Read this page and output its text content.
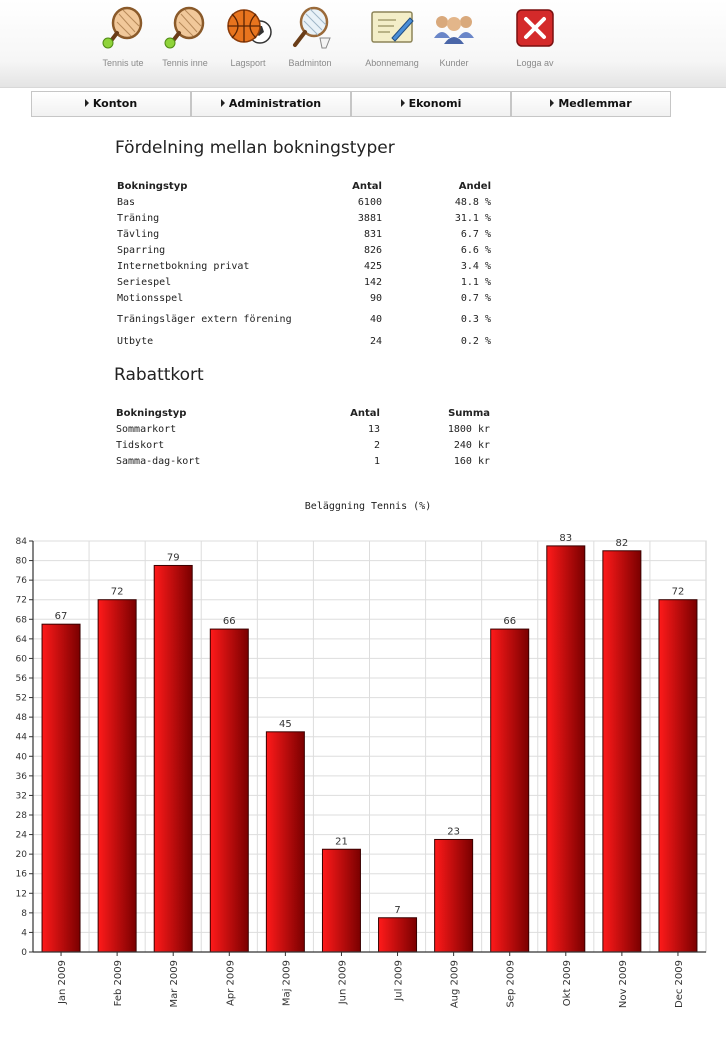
Tennis ute	Tennis inne	Lagsport	Badminton	Abonnemang	Kunder	Logga av
Konton	Administration	Ekonomi	Medlemmar
Fördelning mellan bokningstyper
Bokningstyp	Antal	Andel
Bas	6100	48.8 %
Träning	3881	31.1 %
Tävling	831	6.7 %
Sparring	826	6.6 %
Internetbokning privat	425	3.4 %
Seriespel	142	1.1 %
Motionsspel	90	0.7 %
Träningsläger extern förening	40	0.3 %
Utbyte	24	0.2 %
Rabattkort
Bokningstyp	Antal	Summa
Sommarkort	13	1800 kr
Tidskort	2	240 kr
Samma-dag-kort	1	160 kr
Beläggning Tennis (%)
67
72
79
66
45
21
7
23
66
83	82
72
0
4
8
12
16
20
24
28
32
36
40
44
48
52
56
60
64
68
72
76
80
84
Jan 2009	Feb 2009	Mar 2009	Apr 2009	Maj 2009	Jun 2009	Jul 2009	Aug 2009	Sep 2009	Okt 2009	Nov 2009	Dec 2009
